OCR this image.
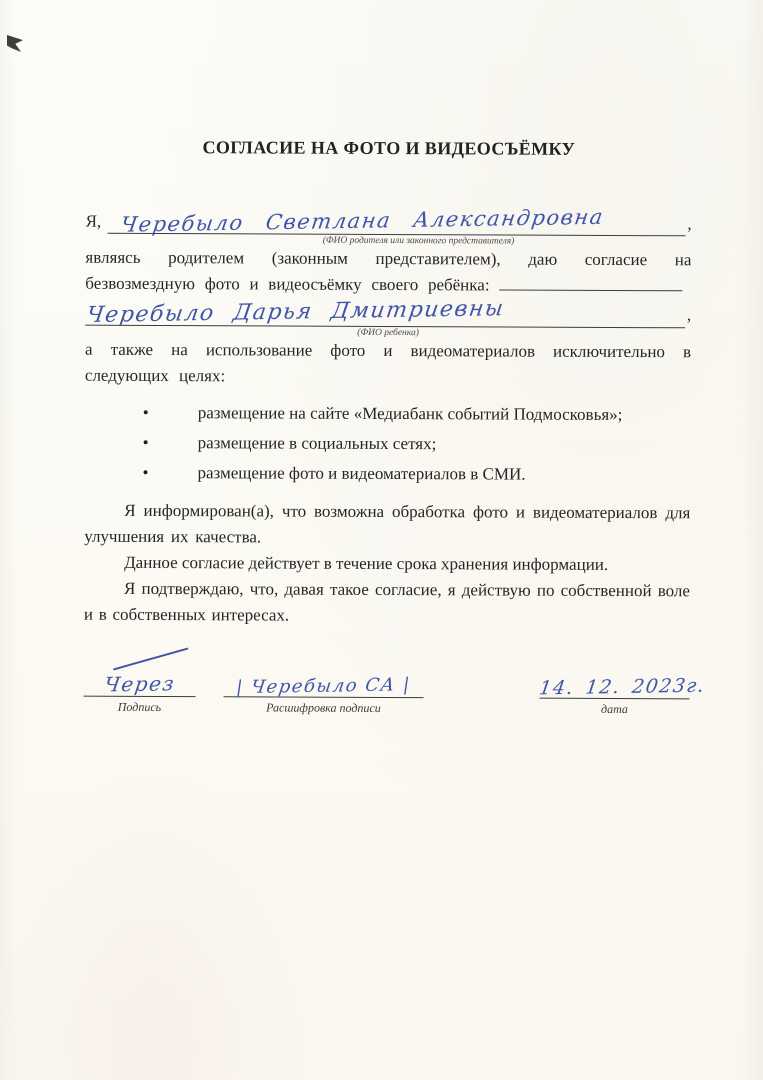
СОГЛАСИЕ НА ФОТО И ВИДЕОСЪЁМКУ
Я, Черебыло Светлана Александровна	,
(ФИО родителя или законного представителя)

являясь родителем (законным представителем), даю согласие на безвозмездную фото и видеосъёмку своего ребёнка:

Черебыло Дарья Дмитриевны	,
(ФИО ребенка)

а также на использование фото и видеоматериалов исключительно в следующих целях:

•	размещение на сайте «Медиабанк событий Подмосковья»;
•	размещение в социальных сетях;
•	размещение фото и видеоматериалов в СМИ.

Я информирован(а), что возможна обработка фото и видеоматериалов для улучшения их качества.

Данное согласие действует в течение срока хранения информации.

Я подтверждаю, что, давая такое согласие, я действую по собственной воле и в собственных интересах.

Через
Подпись
| Черебыло СА |
Расшифровка подписи
14. 12. 2023г.
дата
